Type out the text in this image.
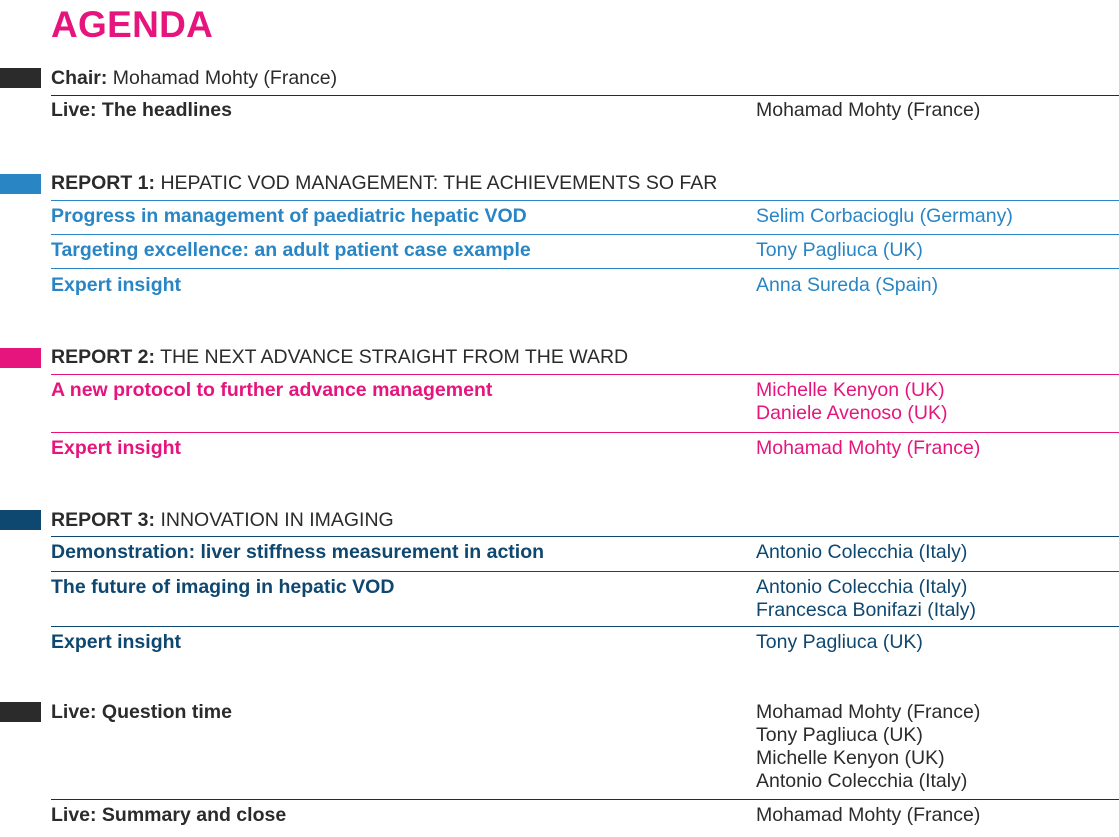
AGENDA
Chair: Mohamad Mohty (France)
Live: The headlines	Mohamad Mohty (France)
REPORT 1: HEPATIC VOD MANAGEMENT: THE ACHIEVEMENTS SO FAR
Progress in management of paediatric hepatic VOD	Selim Corbacioglu (Germany)
Targeting excellence: an adult patient case example	Tony Pagliuca (UK)
Expert insight	Anna Sureda (Spain)
REPORT 2: THE NEXT ADVANCE STRAIGHT FROM THE WARD
A new protocol to further advance management	Michelle Kenyon (UK)
Daniele Avenoso (UK)
Expert insight	Mohamad Mohty (France)
REPORT 3: INNOVATION IN IMAGING
Demonstration: liver stiffness measurement in action	Antonio Colecchia (Italy)
The future of imaging in hepatic VOD	Antonio Colecchia (Italy)
Francesca Bonifazi (Italy)
Expert insight	Tony Pagliuca (UK)
Live: Question time	Mohamad Mohty (France)
Tony Pagliuca (UK)
Michelle Kenyon (UK)
Antonio Colecchia (Italy)
Live: Summary and close	Mohamad Mohty (France)
